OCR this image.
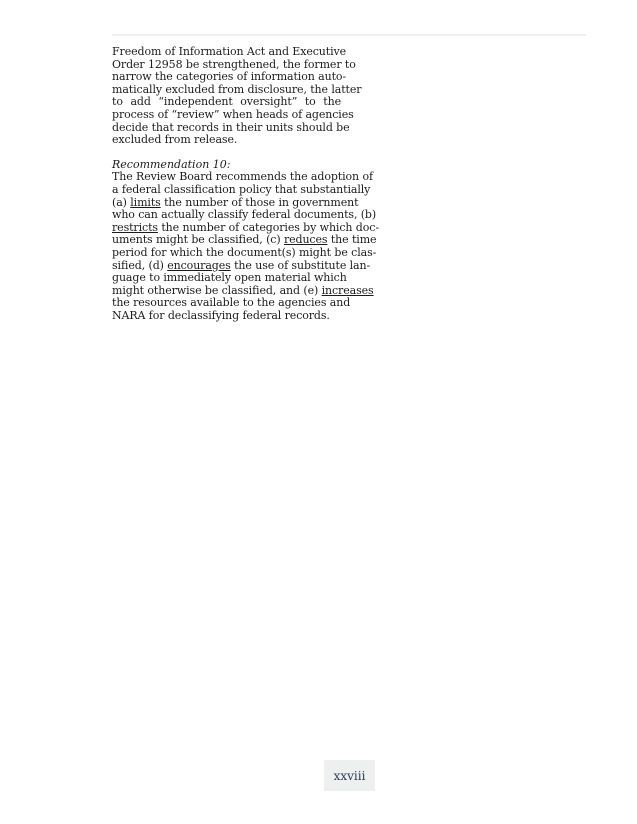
Freedom of Information Act and Executive
Order 12958 be strengthened, the former to
narrow the categories of information auto-
matically excluded from disclosure, the latter
to add “independent oversight” to the
process of “review” when heads of agencies
decide that records in their units should be
excluded from release.
Recommendation 10:
The Review Board recommends the adoption of
a federal classification policy that substantially
(a) limits the number of those in government
who can actually classify federal documents, (b)
restricts the number of categories by which doc-
uments might be classified, (c) reduces the time
period for which the document(s) might be clas-
sified, (d) encourages the use of substitute lan-
guage to immediately open material which
might otherwise be classified, and (e) increases
the resources available to the agencies and
NARA for declassifying federal records.
xxviii
